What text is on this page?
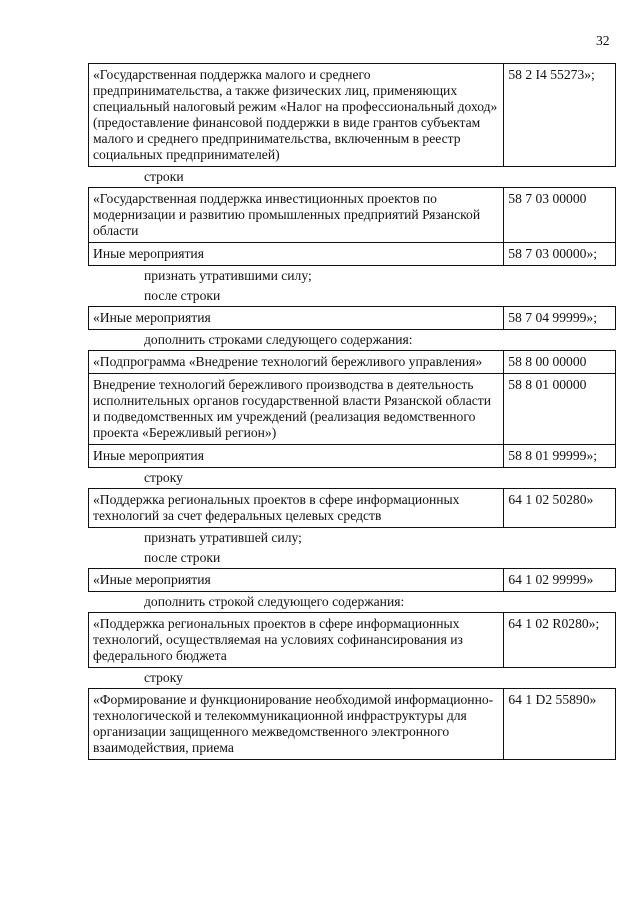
32
«Государственная поддержка малого и среднего предпринимательства, а также физических лиц, применяющих специальный налоговый режим «Налог на профессиональный доход» (предоставление финансовой поддержки в виде грантов субъектам малого и среднего предпринимательства, включенным в реестр социальных предпринимателей)	58 2 I4 55273»;
строки
«Государственная поддержка инвестиционных проектов по модернизации и развитию промышленных предприятий Рязанской области	58 7 03 00000
Иные мероприятия	58 7 03 00000»;
признать утратившими силу;
после строки
«Иные мероприятия	58 7 04 99999»;
дополнить строками следующего содержания:
«Подпрограмма «Внедрение технологий бережливого управления»	58 8 00 00000
Внедрение технологий бережливого производства в деятельность исполнительных органов государственной власти Рязанской области и подведомственных им учреждений (реализация ведомственного проекта «Бережливый регион»)	58 8 01 00000
Иные мероприятия	58 8 01 99999»;
строку
«Поддержка региональных проектов в сфере информационных технологий за счет федеральных целевых средств	64 1 02 50280»
признать утратившей силу;
после строки
«Иные мероприятия	64 1 02 99999»
дополнить строкой следующего содержания:
«Поддержка региональных проектов в сфере информационных технологий, осуществляемая на условиях софинансирования из федерального бюджета	64 1 02 R0280»;
строку
«Формирование и функционирование необходимой информационно-технологической и телекоммуникационной инфраструктуры для организации защищенного межведомственного электронного взаимодействия, приема	64 1 D2 55890»
